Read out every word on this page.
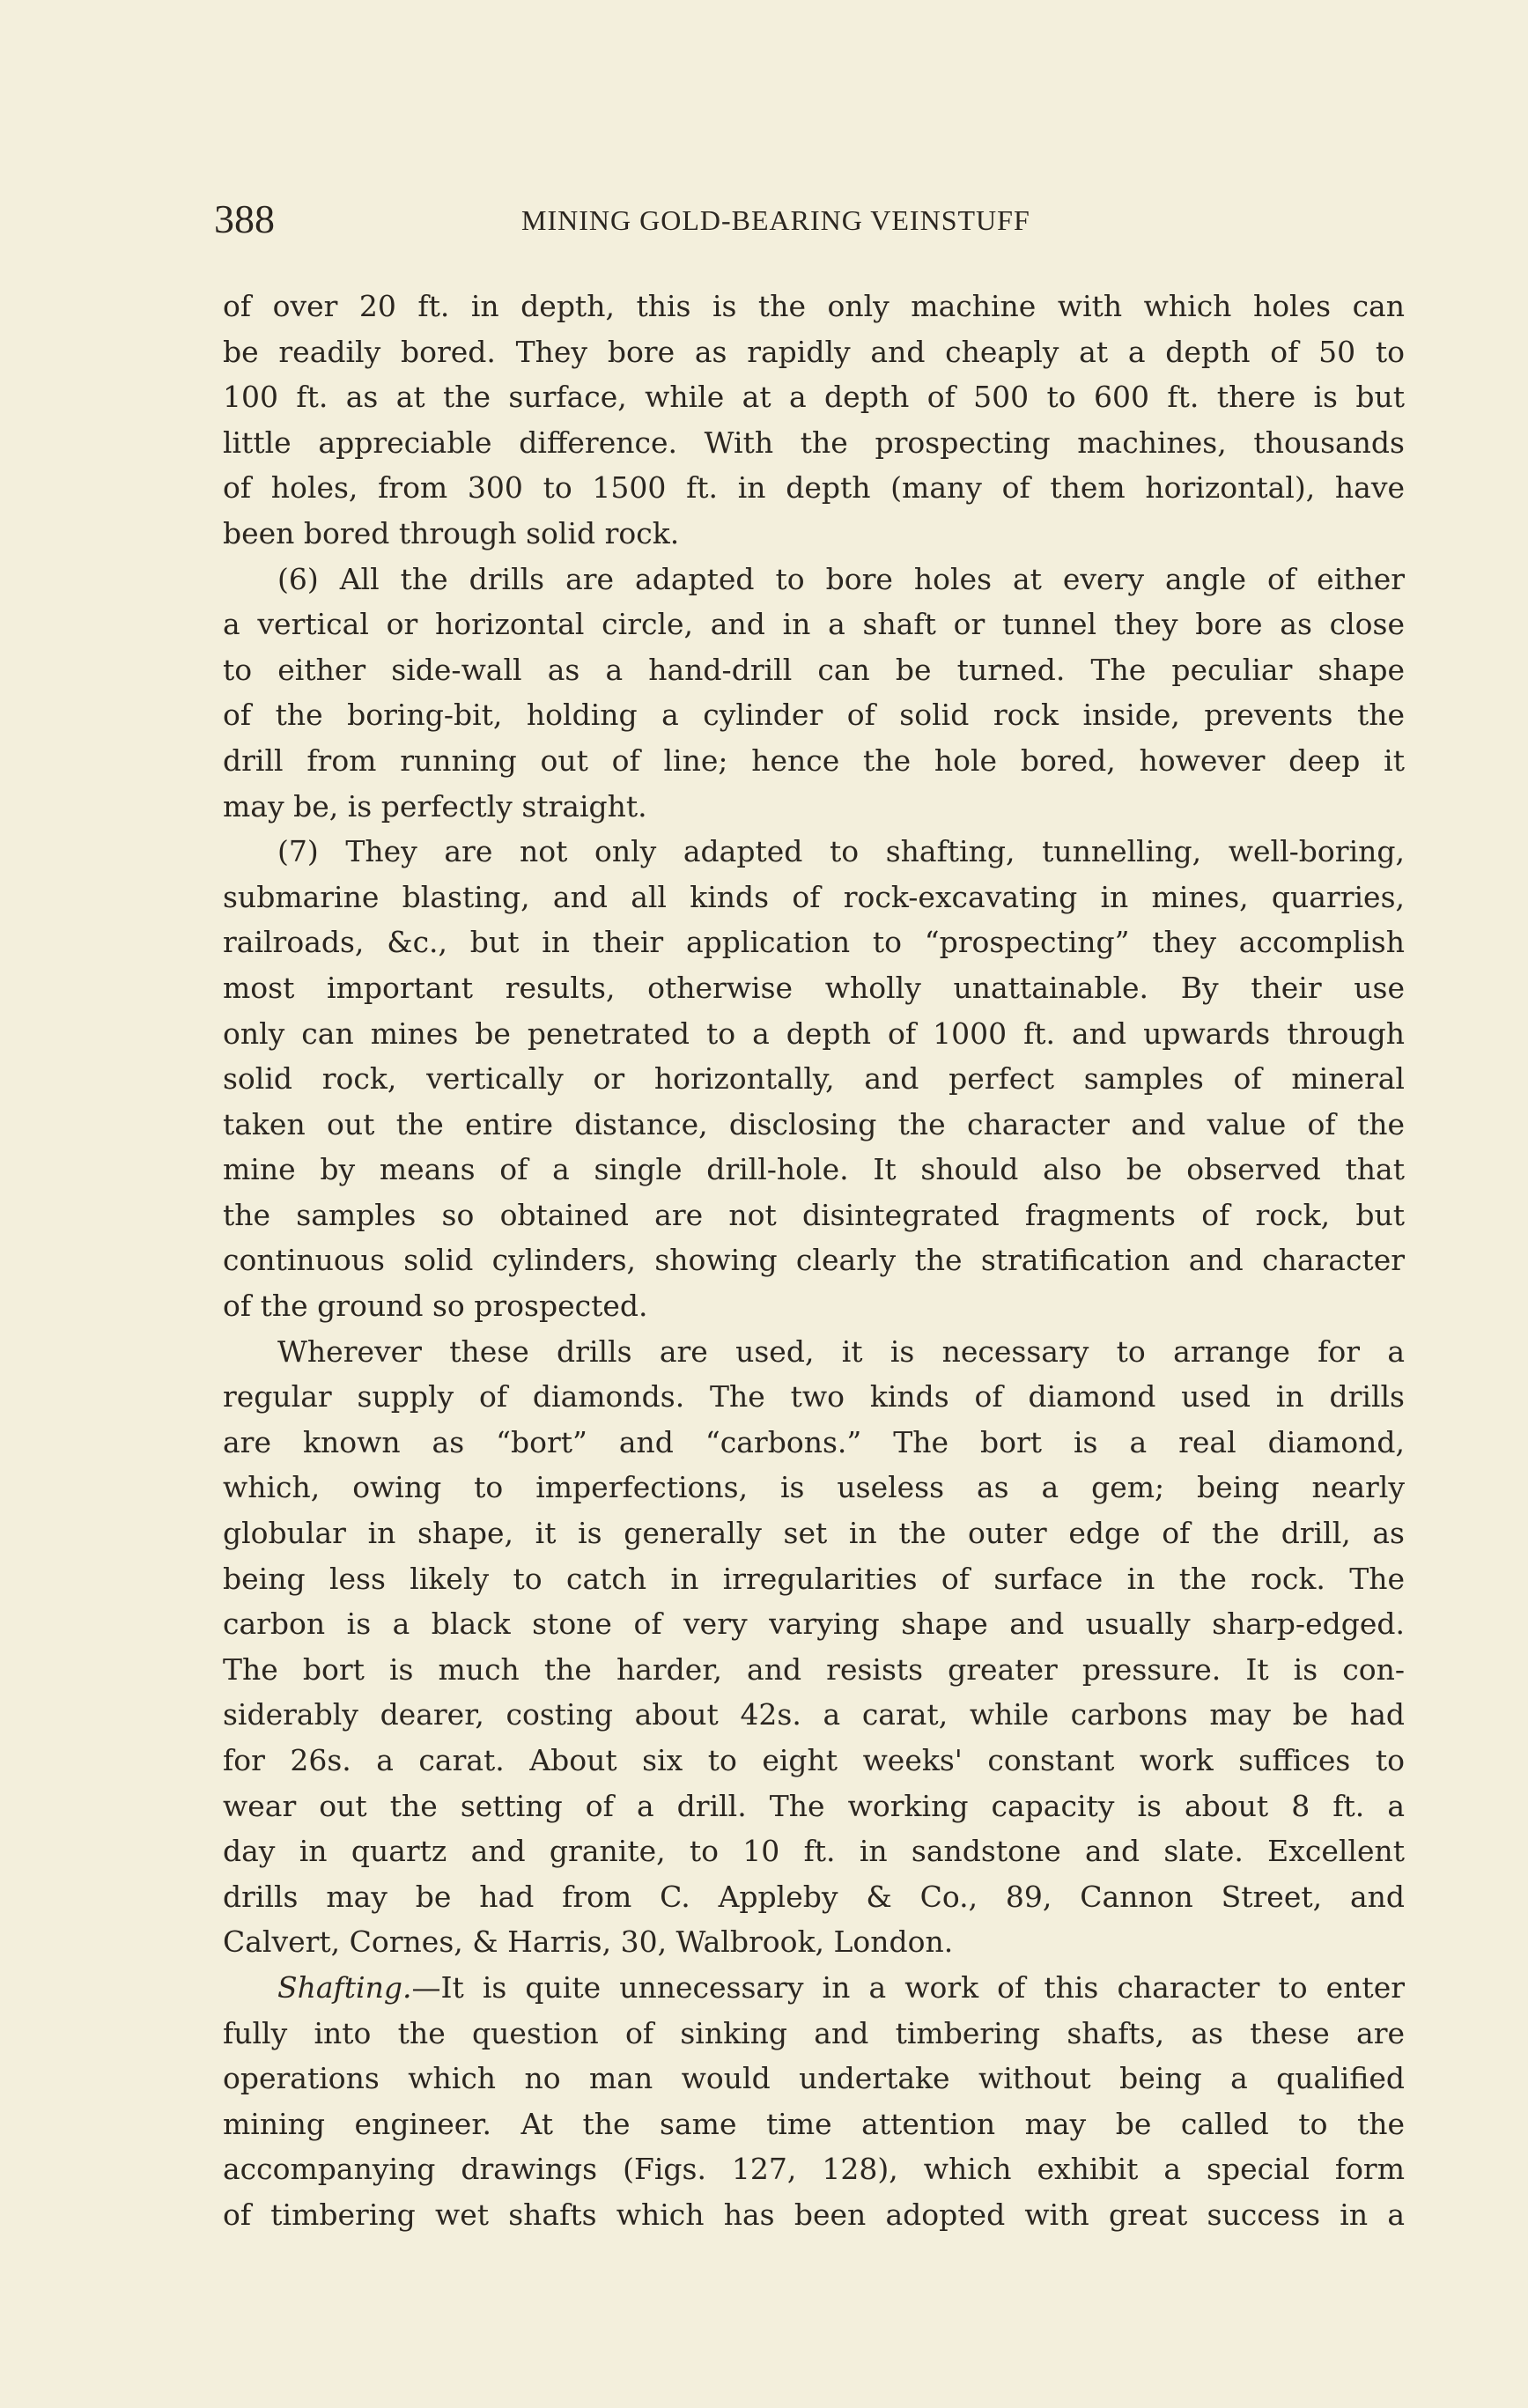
388	MINING GOLD-BEARING VEINSTUFF
of over 20 ft. in depth, this is the only machine with which holes can
be readily bored. They bore as rapidly and cheaply at a depth of 50 to
100 ft. as at the surface, while at a depth of 500 to 600 ft. there is but
little appreciable difference. With the prospecting machines, thousands
of holes, from 300 to 1500 ft. in depth (many of them horizontal), have
been bored through solid rock.
(6) All the drills are adapted to bore holes at every angle of either
a vertical or horizontal circle, and in a shaft or tunnel they bore as close
to either side-wall as a hand-drill can be turned. The peculiar shape
of the boring-bit, holding a cylinder of solid rock inside, prevents the
drill from running out of line; hence the hole bored, however deep it
may be, is perfectly straight.
(7) They are not only adapted to shafting, tunnelling, well-boring,
submarine blasting, and all kinds of rock-excavating in mines, quarries,
railroads, &c., but in their application to “prospecting” they accomplish
most important results, otherwise wholly unattainable. By their use
only can mines be penetrated to a depth of 1000 ft. and upwards through
solid rock, vertically or horizontally, and perfect samples of mineral
taken out the entire distance, disclosing the character and value of the
mine by means of a single drill-hole. It should also be observed that
the samples so obtained are not disintegrated fragments of rock, but
continuous solid cylinders, showing clearly the stratification and character
of the ground so prospected.
Wherever these drills are used, it is necessary to arrange for a
regular supply of diamonds. The two kinds of diamond used in drills
are known as “bort” and “carbons.” The bort is a real diamond,
which, owing to imperfections, is useless as a gem; being nearly
globular in shape, it is generally set in the outer edge of the drill, as
being less likely to catch in irregularities of surface in the rock. The
carbon is a black stone of very varying shape and usually sharp-edged.
The bort is much the harder, and resists greater pressure. It is con-
siderably dearer, costing about 42s. a carat, while carbons may be had
for 26s. a carat. About six to eight weeks' constant work suffices to
wear out the setting of a drill. The working capacity is about 8 ft. a
day in quartz and granite, to 10 ft. in sandstone and slate. Excellent
drills may be had from C. Appleby & Co., 89, Cannon Street, and
Calvert, Cornes, & Harris, 30, Walbrook, London.
Shafting.—It is quite unnecessary in a work of this character to enter
fully into the question of sinking and timbering shafts, as these are
operations which no man would undertake without being a qualified
mining engineer. At the same time attention may be called to the
accompanying drawings (Figs. 127, 128), which exhibit a special form
of timbering wet shafts which has been adopted with great success in a
